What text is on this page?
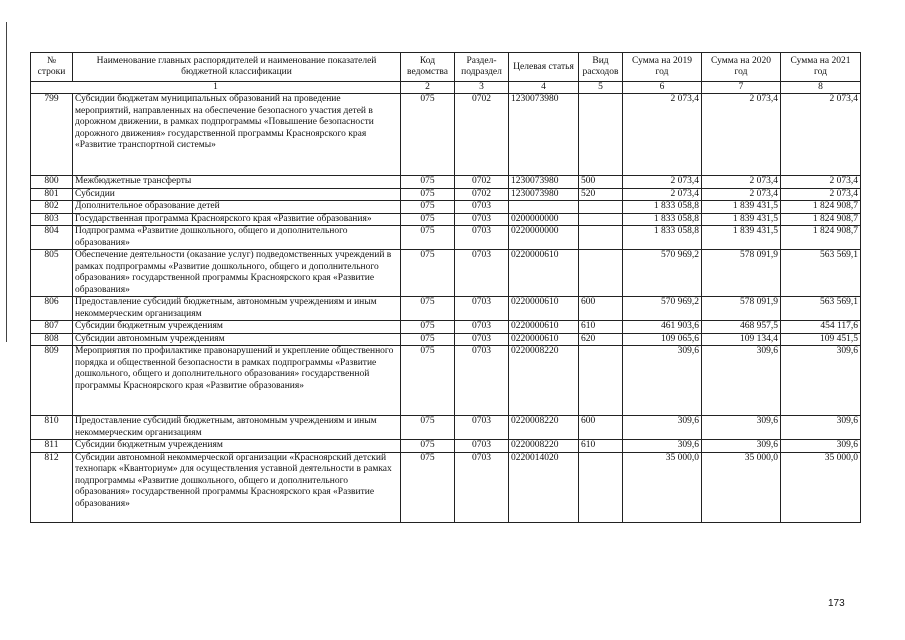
№ строки	Наименование главных распорядителей и наименование показателей бюджетной классификации	Код ведомства	Раздел-подраздел	Целевая статья	Вид расходов	Сумма на 2019 год	Сумма на 2020 год	Сумма на 2021 год
1		2	3	4	5	6	7	8
799	Субсидии бюджетам муниципальных образований на проведение мероприятий, направленных на обеспечение безопасного участия детей в дорожном движении, в рамках подпрограммы «Повышение безопасности дорожного движения» государственной программы Красноярского края «Развитие транспортной системы»	075	0702	1230073980		2 073,4	2 073,4	2 073,4
800	Межбюджетные трансферты	075	0702	1230073980	500	2 073,4	2 073,4	2 073,4
801	Субсидии	075	0702	1230073980	520	2 073,4	2 073,4	2 073,4
802	Дополнительное образование детей	075	0703			1 833 058,8	1 839 431,5	1 824 908,7
803	Государственная программа Красноярского края «Развитие образования»	075	0703	0200000000		1 833 058,8	1 839 431,5	1 824 908,7
804	Подпрограмма «Развитие дошкольного, общего и дополнительного образования»	075	0703	0220000000		1 833 058,8	1 839 431,5	1 824 908,7
805	Обеспечение деятельности (оказание услуг) подведомственных учреждений в рамках подпрограммы «Развитие дошкольного, общего и дополнительного образования» государственной программы Красноярского края «Развитие образования»	075	0703	0220000610		570 969,2	578 091,9	563 569,1
806	Предоставление субсидий бюджетным, автономным учреждениям и иным некоммерческим организациям	075	0703	0220000610	600	570 969,2	578 091,9	563 569,1
807	Субсидии бюджетным учреждениям	075	0703	0220000610	610	461 903,6	468 957,5	454 117,6
808	Субсидии автономным учреждениям	075	0703	0220000610	620	109 065,6	109 134,4	109 451,5
809	Мероприятия по профилактике правонарушений и укрепление общественного порядка и общественной безопасности в рамках подпрограммы «Развитие дошкольного, общего и дополнительного образования» государственной программы Красноярского края «Развитие образования»	075	0703	0220008220		309,6	309,6	309,6
810	Предоставление субсидий бюджетным, автономным учреждениям и иным некоммерческим организациям	075	0703	0220008220	600	309,6	309,6	309,6
811	Субсидии бюджетным учреждениям	075	0703	0220008220	610	309,6	309,6	309,6
812	Субсидии автономной некоммерческой организации «Красноярский детский технопарк «Кванториум» для осуществления уставной деятельности в рамках подпрограммы «Развитие дошкольного, общего и дополнительного образования» государственной программы Красноярского края «Развитие образования»	075	0703	0220014020		35 000,0	35 000,0	35 000,0
173
